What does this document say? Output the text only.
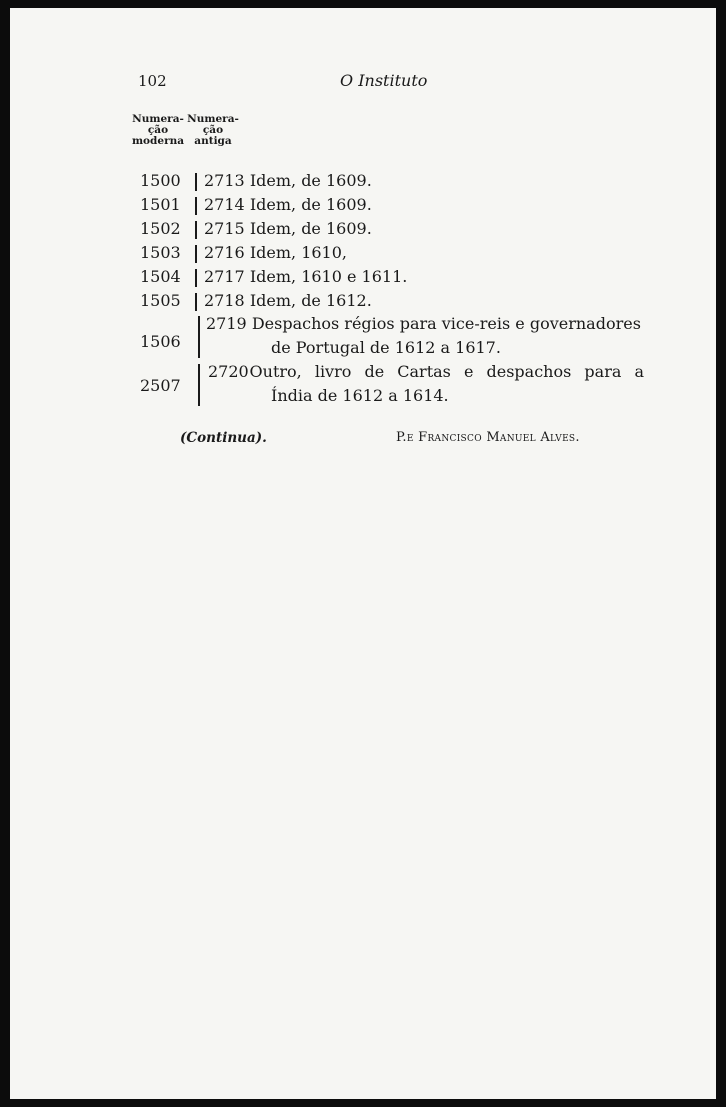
102	O Instituto
Numera-
ção
moderna
Numera-
ção
antiga
1500 2713 Idem, de 1609.
1501 2714 Idem, de 1609.
1502 2715 Idem, de 1609.
1503 2716 Idem, 1610,
1504 2717 Idem, 1610 e 1611.
1505 2718 Idem, de 1612.
1506
2719 Despachos régios para vice-reis e governadores
de Portugal de 1612 a 1617.
2507
2720 Outro, livro de Cartas e despachos para a
Índia de 1612 a 1614.
(Continua).	P.e Francisco Manuel Alves.
